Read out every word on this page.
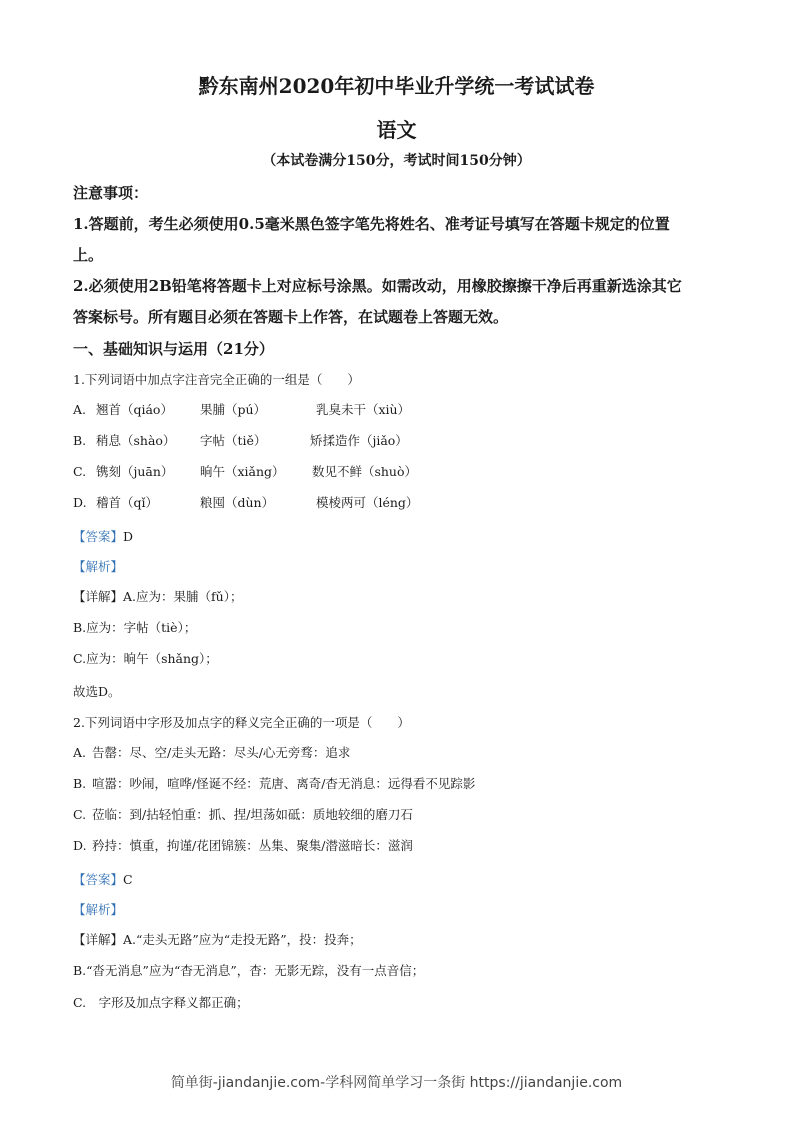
黔东南州2020年初中毕业升学统一考试试卷
语文
（本试卷满分150分，考试时间150分钟）
注意事项：
1.答题前，考生必须使用0.5毫米黑色签字笔先将姓名、准考证号填写在答题卡规定的位置
上。
2.必须使用2B铅笔将答题卡上对应标号涂黑。如需改动，用橡胶擦擦干净后再重新选涂其它
答案标号。所有题目必须在答题卡上作答，在试题卷上答题无效。
一、基础知识与运用（21分）
1.下列词语中加点字注音完全正确的一组是（　　）
A. 翘首（qiáo） 果脯（pú）	乳臭未干（xiù）
B. 稍息（shào） 字帖（tiě）	矫揉造作（jiǎo）
C. 镌刻（juān） 晌午（xiǎng） 数见不鲜（shuò）
D. 稽首（qǐ）	粮囤（dùn）	模棱两可（léng）
【答案】D
【解析】
【详解】A.应为：果脯（fǔ）；
B.应为：字帖（tiè）；
C.应为：晌午（shǎng）；
故选D。
2.下列词语中字形及加点字的释义完全正确的一项是（　　）
A. 告罄：尽、空/走头无路：尽头/心无旁骛：追求
B. 喧嚣：吵闹，喧哗/怪诞不经：荒唐、离奇/杳无消息：远得看不见踪影
C. 莅临：到/拈轻怕重：抓、捏/坦荡如砥：质地较细的磨刀石
D. 矜持：慎重，拘谨/花团锦簇：丛集、聚集/潜滋暗长：滋润
【答案】C
【解析】
【详解】A.“走头无路”应为“走投无路”，投：投奔；
B.“沓无消息”应为“杳无消息”，杳：无影无踪，没有一点音信；
C.　字形及加点字释义都正确；
简单街-jiandanjie.com-学科网简单学习一条街 https://jiandanjie.com
